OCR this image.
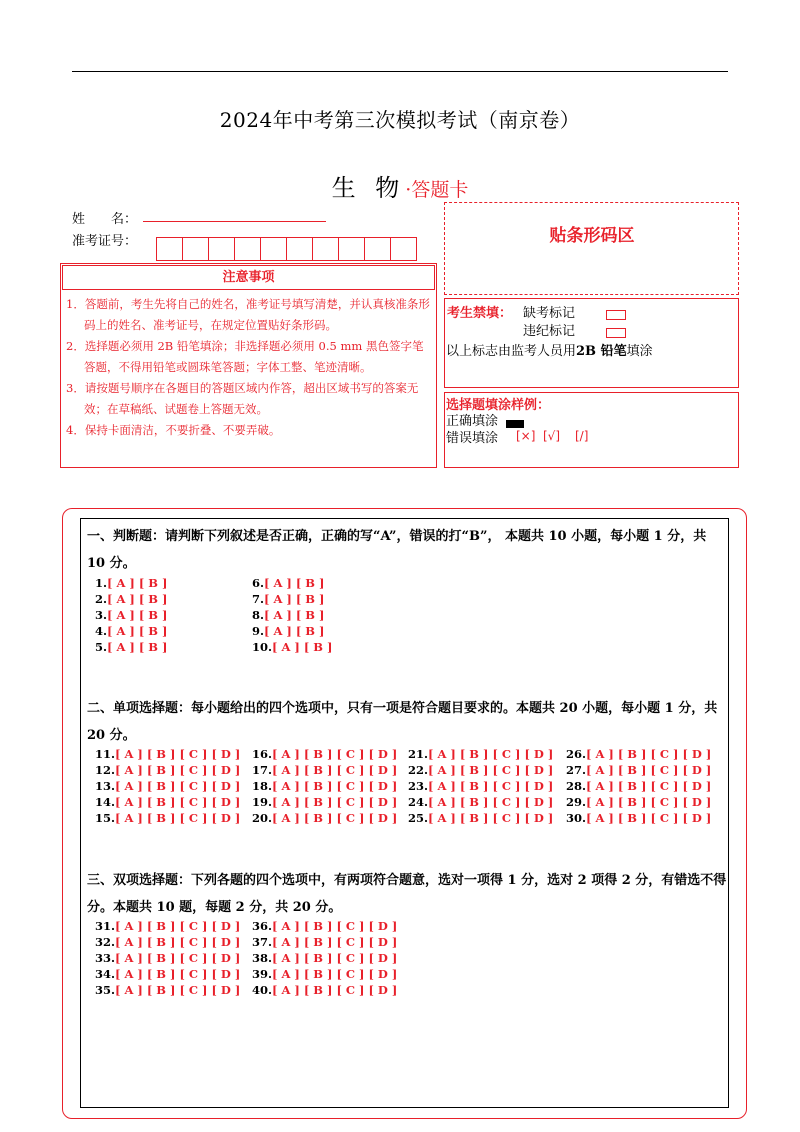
2024年中考第三次模拟考试（南京卷）
生 物·答题卡
姓　　名：
准考证号：
注意事项
1．答题前，考生先将自己的姓名，准考证号填写清楚，并认真核准条形码上的姓名、准考证号，在规定位置贴好条形码。
2．选择题必须用 2B 铅笔填涂；非选择题必须用 0.5 mm 黑色签字笔答题，不得用铅笔或圆珠笔答题；字体工整、笔迹清晰。
3．请按题号顺序在各题目的答题区域内作答，超出区域书写的答案无效；在草稿纸、试题卷上答题无效。
4．保持卡面清洁，不要折叠、不要弄破。
贴条形码区
考生禁填： 缺考标记
违纪标记
以上标志由监考人员用2B 铅笔填涂
选择题填涂样例：
正确填涂
错误填涂 [×] [√] [/]
一、判断题：请判断下列叙述是否正确，正确的写“A”，错误的打“B”， 本题共 10 小题，每小题 1 分，共 10 分。
1.[ A ] [ B ]
2.[ A ] [ B ]
3.[ A ] [ B ]
4.[ A ] [ B ]
5.[ A ] [ B ]
6.[ A ] [ B ]
7.[ A ] [ B ]
8.[ A ] [ B ]
9.[ A ] [ B ]
10.[ A ] [ B ]
二、单项选择题：每小题给出的四个选项中，只有一项是符合题目要求的。本题共 20 小题，每小题 1 分，共 20 分。
11.[ A ] [ B ] [ C ] [ D ]
12.[ A ] [ B ] [ C ] [ D ]
13.[ A ] [ B ] [ C ] [ D ]
14.[ A ] [ B ] [ C ] [ D ]
15.[ A ] [ B ] [ C ] [ D ]
16.[ A ] [ B ] [ C ] [ D ]
17.[ A ] [ B ] [ C ] [ D ]
18.[ A ] [ B ] [ C ] [ D ]
19.[ A ] [ B ] [ C ] [ D ]
20.[ A ] [ B ] [ C ] [ D ]
21.[ A ] [ B ] [ C ] [ D ]
22.[ A ] [ B ] [ C ] [ D ]
23.[ A ] [ B ] [ C ] [ D ]
24.[ A ] [ B ] [ C ] [ D ]
25.[ A ] [ B ] [ C ] [ D ]
26.[ A ] [ B ] [ C ] [ D ]
27.[ A ] [ B ] [ C ] [ D ]
28.[ A ] [ B ] [ C ] [ D ]
29.[ A ] [ B ] [ C ] [ D ]
30.[ A ] [ B ] [ C ] [ D ]
三、双项选择题：下列各题的四个选项中，有两项符合题意，选对一项得 1 分，选对 2 项得 2 分，有错选不得分。本题共 10 题，每题 2 分，共 20 分。
31.[ A ] [ B ] [ C ] [ D ]
32.[ A ] [ B ] [ C ] [ D ]
33.[ A ] [ B ] [ C ] [ D ]
34.[ A ] [ B ] [ C ] [ D ]
35.[ A ] [ B ] [ C ] [ D ]
36.[ A ] [ B ] [ C ] [ D ]
37.[ A ] [ B ] [ C ] [ D ]
38.[ A ] [ B ] [ C ] [ D ]
39.[ A ] [ B ] [ C ] [ D ]
40.[ A ] [ B ] [ C ] [ D ]
